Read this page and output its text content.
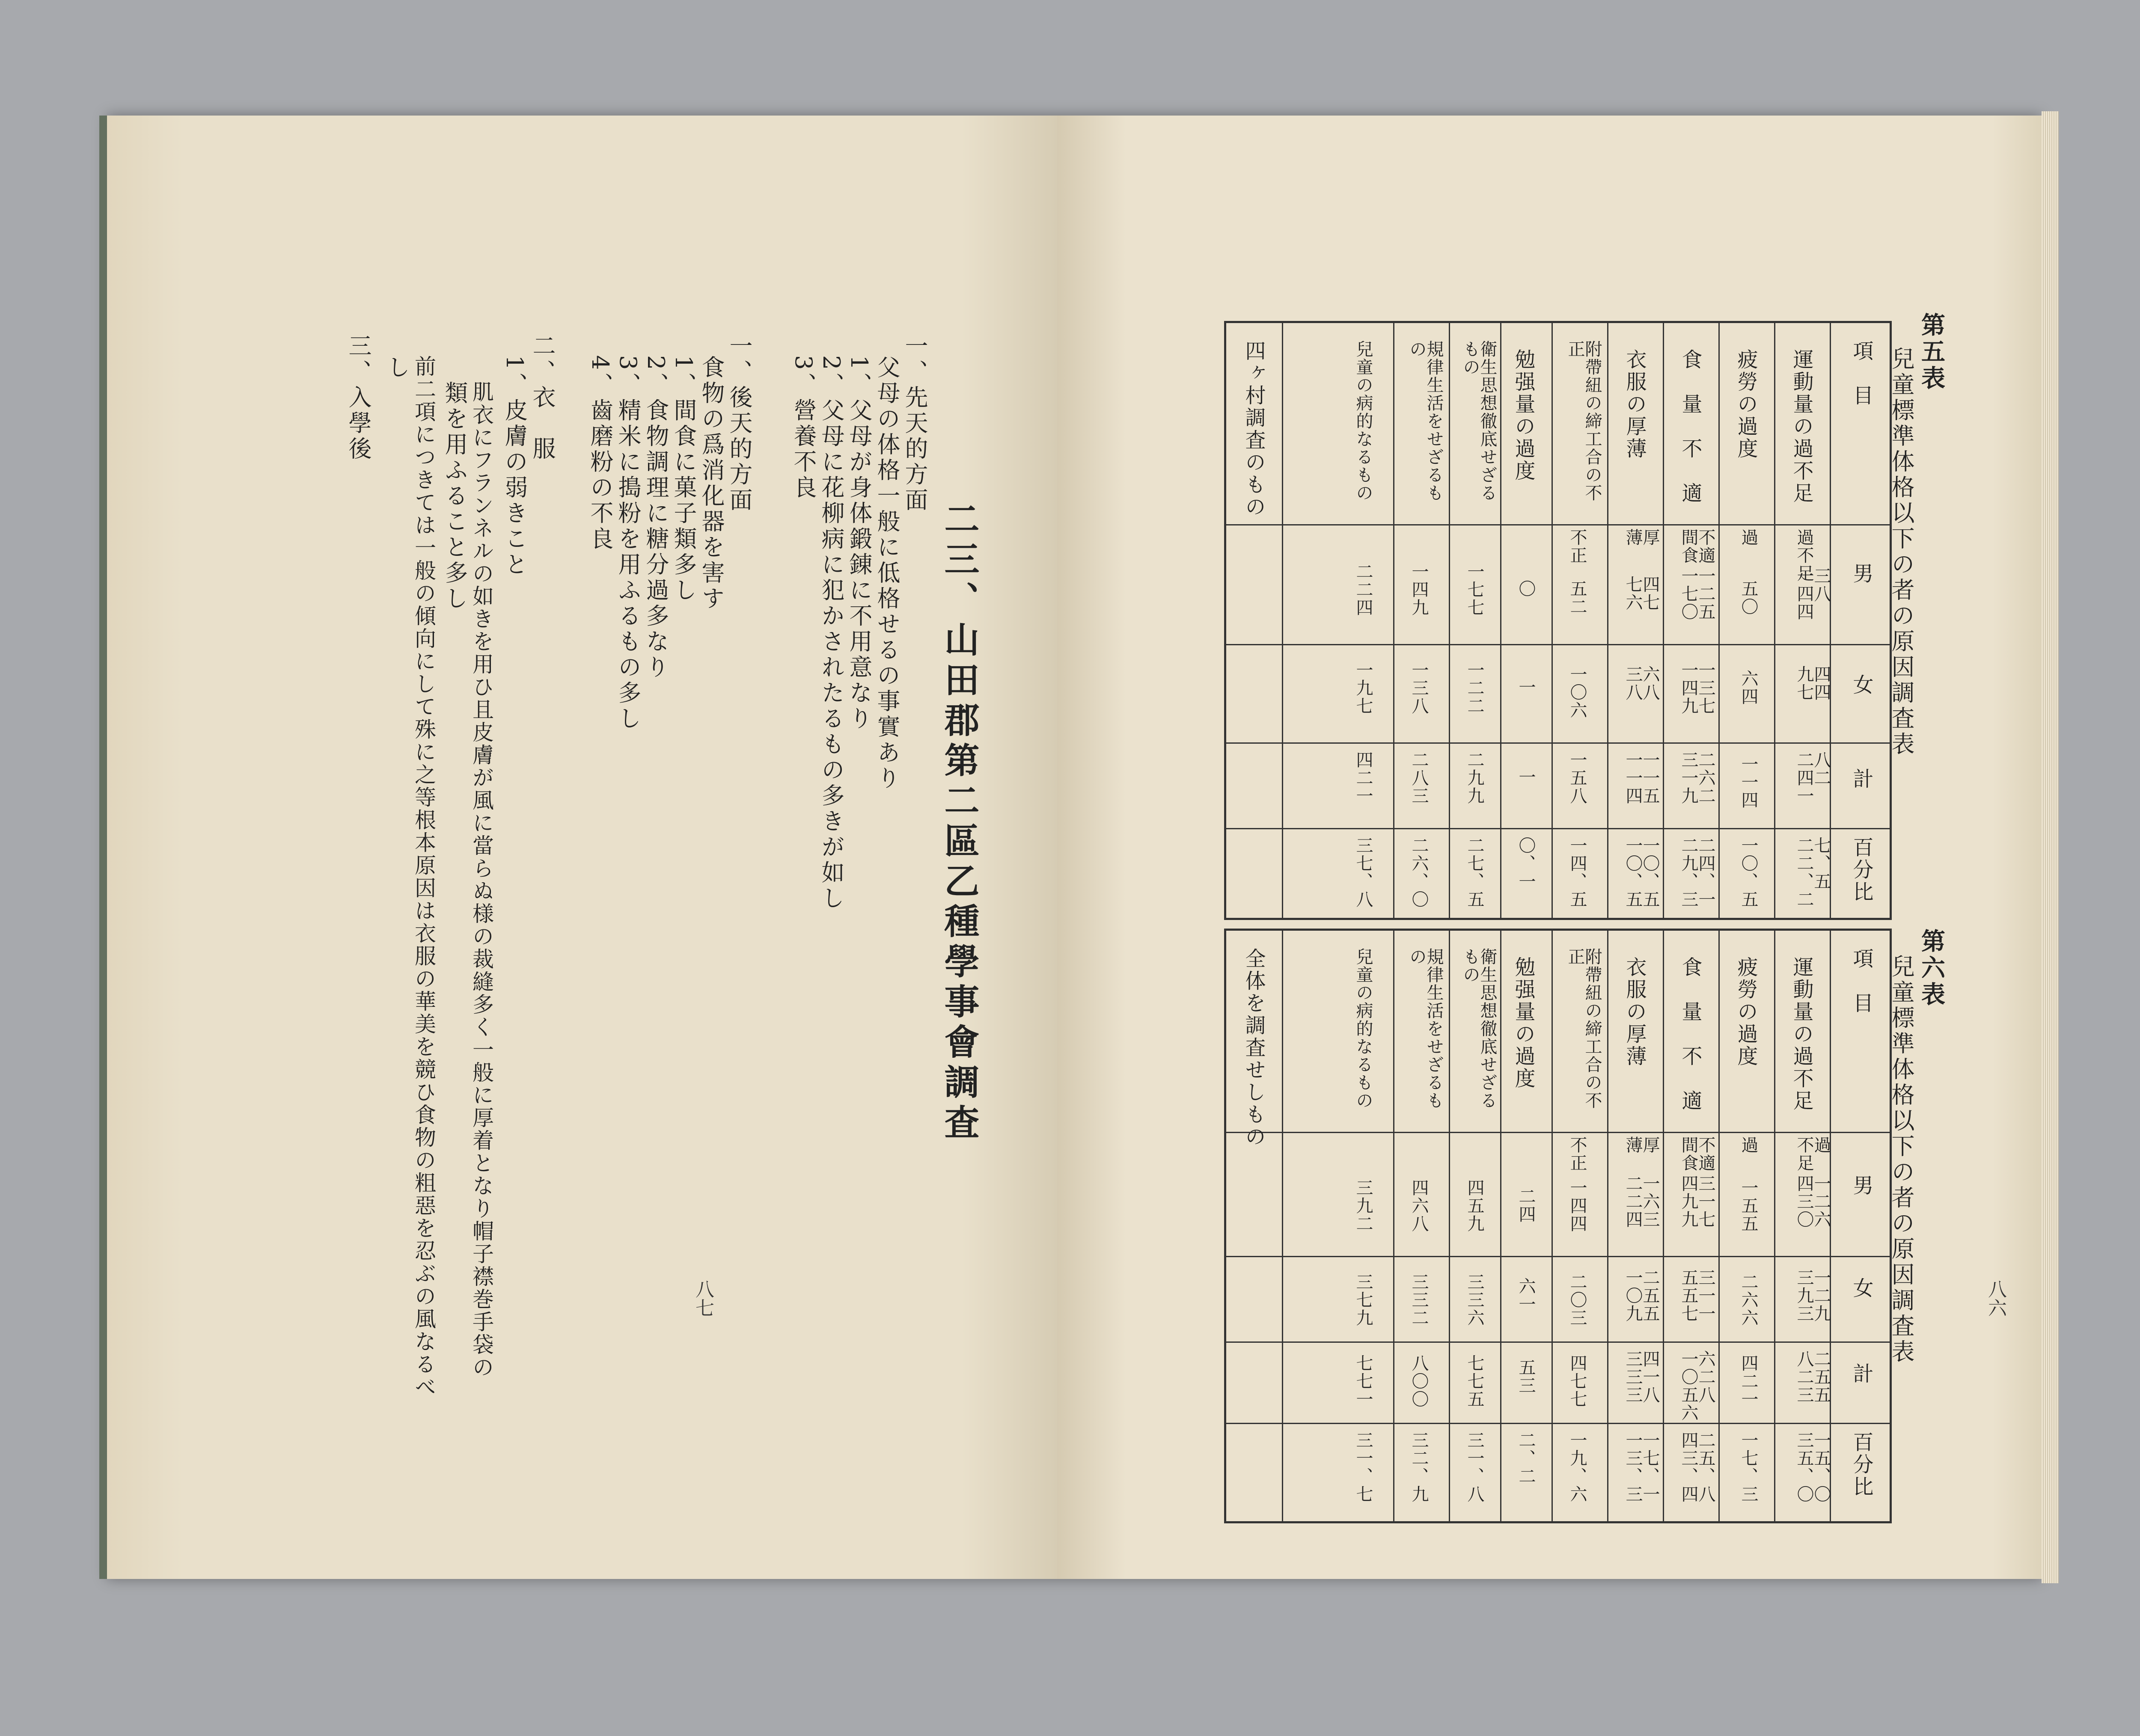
二三、山田郡第二區乙種學事會調査
一、先天的方面
父母の体格一般に低格せるの事實あり
1、父母が身体鍛錬に不用意なり
2、父母に花柳病に犯かされたるもの多きが如し
3、營養不良
一、後天的方面
食物の爲消化器を害す
1、間食に菓子類多し
2、食物調理に糖分過多なり
3、精米に搗粉を用ふるもの多し
4、齒磨粉の不良
二、衣　服
1、皮膚の弱きこと
肌衣にフランネルの如きを用ひ且皮膚が風に當らぬ様の裁縫多く一般に厚着となり帽子襟巻手袋の
類を用ふること多し
前二項につきては一般の傾向にして殊に之等根本原因は衣服の華美を競ひ食物の粗惡を忍ぶの風なるべ
し
三、入學後
八七
第五表
兒童標準体格以下の者の原因調査表
項　目
男
女
計
百分比
運動量の過不足
疲勞の過度
食　量　不　適
衣服の厚薄
附帶紐の締工合の不正
勉强量の過度
衛生思想徹底せざるもの
規律生活をせざるもの
兒童の病的なるもの
四ヶ村調査のもの
過不足
過
不適
間食
厚
薄
不正
三八
一四四
五〇
一二五
一七〇
四七
七六
五二
〇
一七七
一四九
二二四
四四
九七
六四
一三七
一四九
六八
三八
一〇六
一
一二二
一三八
一九七
八二
二四一
一一四
二六二
三一九
一一五
一一四
一五八
一
二九九
二八三
四二一
七、五
二二、二
一〇、五
二四、一
二九、三
一〇、五
一〇、五
一四、五
〇、一
二七、五
二六、〇
三七、八
第六表
兒童標準体格以下の者の原因調査表
項　目
男
女
計
百分比
運動量の過不足
疲勞の過度
食　量　不　適
衣服の厚薄
附帶紐の締工合の不正
勉强量の過度
衛生思想徹底せざるもの
規律生活をせざるもの
兒童の病的なるもの
全体を調査せしもの	過
不足
過
不適
間食
厚
薄
不正
一二六
四三〇
一五五
三一七
四九九
一六三
二二四
一四四
二四
四五九
四六八
三九二
一二九
三九三
二六六
三一一
五五七
二五五
一〇九
二〇三
六一
三三六
三三二
三七九
二五五
八二三
四二一
六二八
一〇五六
四一八
三三三
四七七
五三
七七五
八〇〇
七七一
一五、〇
三五、〇
一七、三
二五、八
四三、四
一七、一
一三、三
一九、六
二、二
三一、八
三二、九
三一、七
八六
